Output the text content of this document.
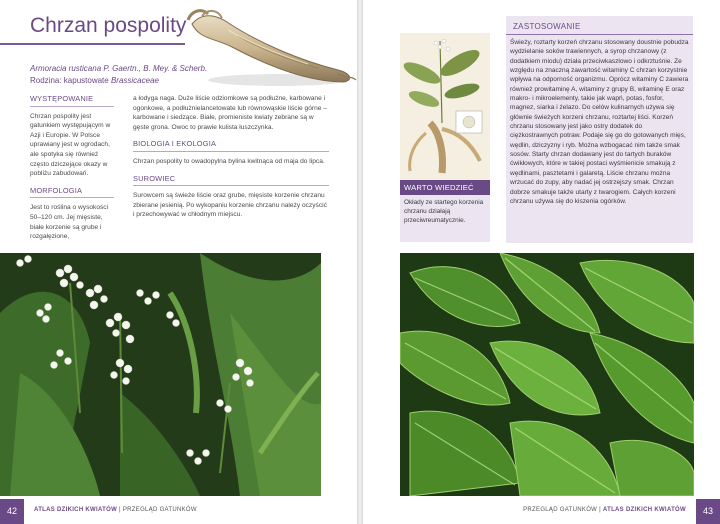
Chrzan pospolity
Armoracia rusticana P. Gaertn., B. Mey. & Scherb.
Rodzina: kapustowate Brassicaceae
WYSTĘPOWANIE
Chrzan pospolity jest gatunkiem występującym w Azji i Europie. W Polsce uprawiany jest w ogrodach, ale spotyka się również często dziczejące okazy w pobliżu zabudowań.
MORFOLOGIA
Jest to roślina o wysokości 50–120 cm. Jej mięsiste, białe korzenie są grube i rozgałęzione,
a łodyga naga. Duże liście odziomkowe są podłużne, karbowane i ogonkowe, a podłużnielancetowate lub równowąskie liście górne – karbowane i siedzące. Białe, promieniste kwiaty zebrane są w gęste grona. Owoc to prawie kulista łuszczynka.
BIOLOGIA I EKOLOGIA
Chrzan pospolity to owadopylna bylina kwitnąca od maja do lipca.
SUROWIEC
Surowcem są świeże liście oraz grube, mięsiste korzenie chrzanu zbierane jesienią. Po wykopaniu korzenie chrzanu należy oczyścić i przechowywać w chłodnym miejscu.
42	ATLAS DZIKICH KWIATÓW | PRZEGLĄD GATUNKÓW
ZASTOSOWANIE
Świeży, roztarty korzeń chrzanu stosowany doustnie pobudza wydzielanie soków trawiennych, a syrop chrzanowy (z dodatkiem miodu) działa przeciwkaszlowo i odkrztuśnie. Ze względu na znaczną zawartość witaminy C chrzan korzystnie wpływa na odporność organizmu. Oprócz witaminy C zawiera również prowitaminę A, witaminy z grupy B, witaminę E oraz makro- i mikroelementy, takie jak wapń, potas, fosfor, magnez, siarka i żelazo. Do celów kulinarnych używa się głównie świeżych korzeni chrzanu, roztartej liści. Korzeń chrzanu stosowany jest jako ostry dodatek do ciężkostrawnych potraw. Podaje się go do gotowanych mięs, wędlin, dziczyzny i ryb. Można wzbogacać nim także smak sosów. Starty chrzan dodawany jest do tartych buraków ćwikłowych, które w takiej postaci wyśmienicie smakują z wędlinami, pasztetami i galaretą. Liście chrzanu można wrzucać do zupy, aby nadać jej ostrzejszy smak. Chrzan dobrze smakuje także utarty z twarogiem. Całych korzeni chrzanu używa się do kiszenia ogórków.
WARTO WIEDZIEĆ
Okłady ze startego korzenia chrzanu działają przeciwreumatycznie.
43
PRZEGLĄD GATUNKÓW | ATLAS DZIKICH KWIATÓW
